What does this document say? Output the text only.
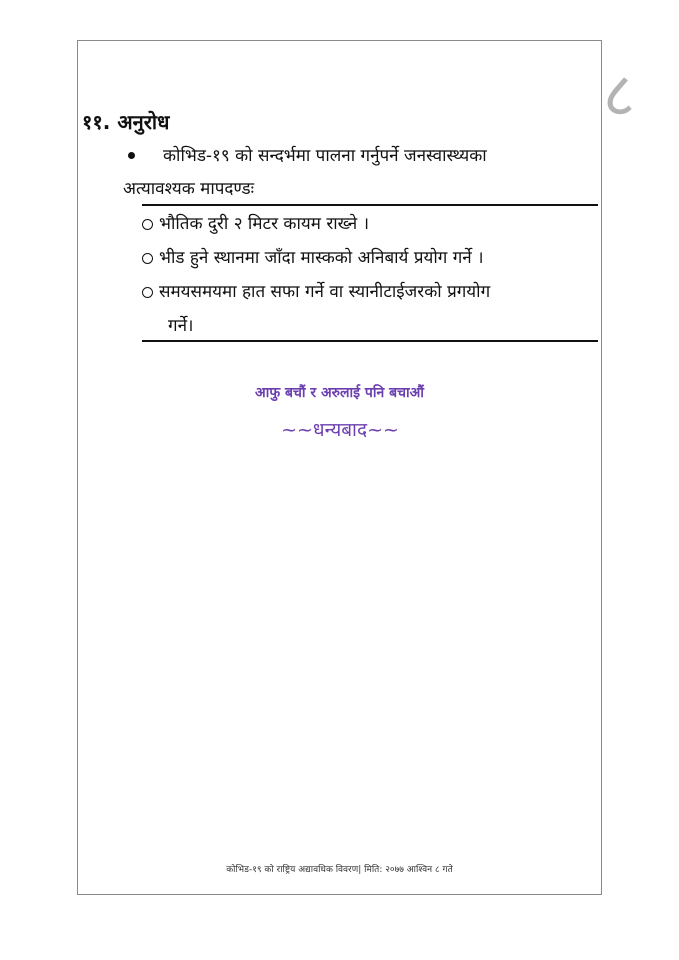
८
११. अनुरोध
कोभिड-१९ को सन्दर्भमा पालना गर्नुपर्ने जनस्वास्थ्यका
अत्यावश्यक मापदण्डः
भौतिक दुरी २ मिटर कायम राख्ने ।
भीड हुने स्थानमा जाँदा मास्कको अनिबार्य प्रयोग गर्ने ।
समयसमयमा हात सफा गर्ने वा स्यानीटाईजरको प्रगयोग
गर्ने।
आफु बचौं र अरुलाई पनि बचाऔं
~~धन्यबाद~~
कोभिड-१९ को राष्ट्रिय अद्यावधिक विवरण| मिति: २०७७ आश्विन ८ गते
